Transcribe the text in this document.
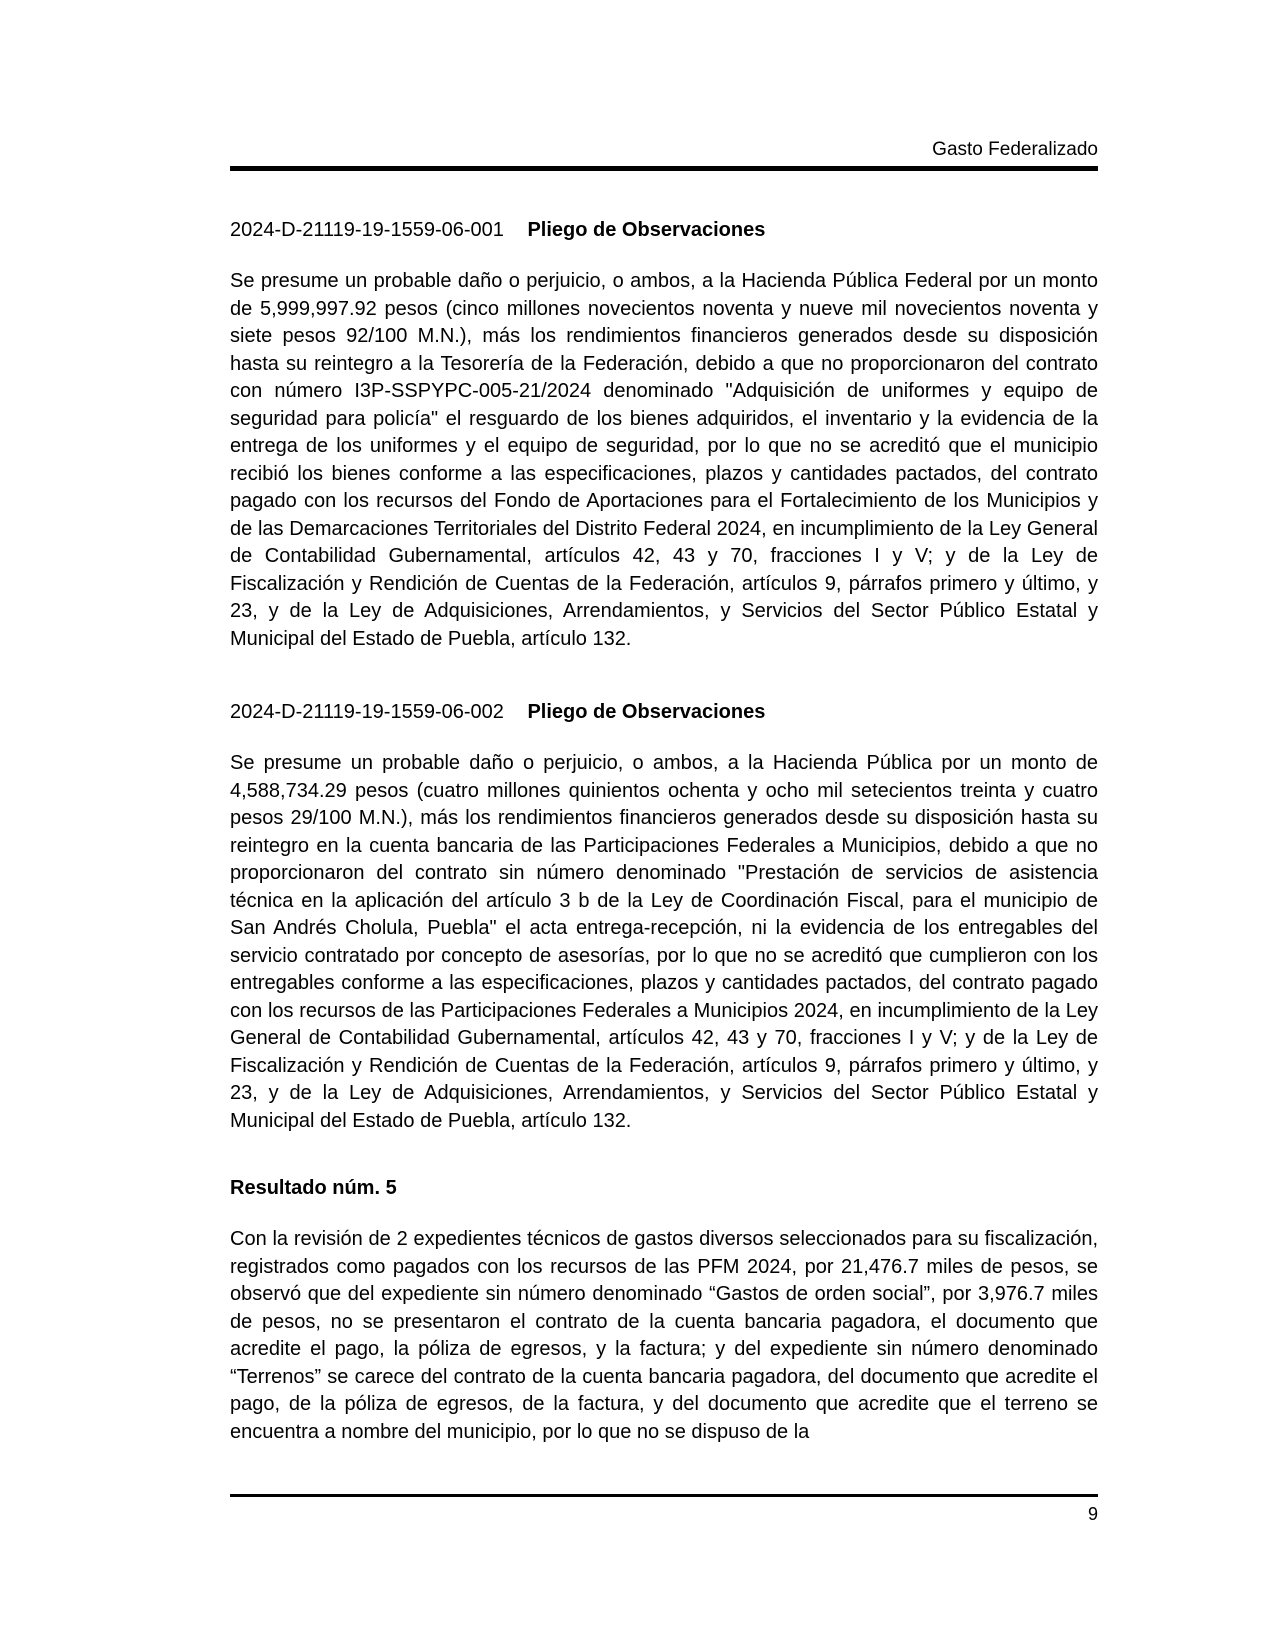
Gasto Federalizado
2024-D-21119-19-1559-06-001 Pliego de Observaciones

Se presume un probable daño o perjuicio, o ambos, a la Hacienda Pública Federal por un monto de 5,999,997.92 pesos (cinco millones novecientos noventa y nueve mil novecientos noventa y siete pesos 92/100 M.N.), más los rendimientos financieros generados desde su disposición hasta su reintegro a la Tesorería de la Federación, debido a que no proporcionaron del contrato con número I3P-SSPYPC-005-21/2024 denominado "Adquisición de uniformes y equipo de seguridad para policía" el resguardo de los bienes adquiridos, el inventario y la evidencia de la entrega de los uniformes y el equipo de seguridad, por lo que no se acreditó que el municipio recibió los bienes conforme a las especificaciones, plazos y cantidades pactados, del contrato pagado con los recursos del Fondo de Aportaciones para el Fortalecimiento de los Municipios y de las Demarcaciones Territoriales del Distrito Federal 2024, en incumplimiento de la Ley General de Contabilidad Gubernamental, artículos 42, 43 y 70, fracciones I y V; y de la Ley de Fiscalización y Rendición de Cuentas de la Federación, artículos 9, párrafos primero y último, y 23, y de la Ley de Adquisiciones, Arrendamientos, y Servicios del Sector Público Estatal y Municipal del Estado de Puebla, artículo 132.

2024-D-21119-19-1559-06-002 Pliego de Observaciones

Se presume un probable daño o perjuicio, o ambos, a la Hacienda Pública por un monto de 4,588,734.29 pesos (cuatro millones quinientos ochenta y ocho mil setecientos treinta y cuatro pesos 29/100 M.N.), más los rendimientos financieros generados desde su disposición hasta su reintegro en la cuenta bancaria de las Participaciones Federales a Municipios, debido a que no proporcionaron del contrato sin número denominado "Prestación de servicios de asistencia técnica en la aplicación del artículo 3 b de la Ley de Coordinación Fiscal, para el municipio de San Andrés Cholula, Puebla" el acta entrega-recepción, ni la evidencia de los entregables del servicio contratado por concepto de asesorías, por lo que no se acreditó que cumplieron con los entregables conforme a las especificaciones, plazos y cantidades pactados, del contrato pagado con los recursos de las Participaciones Federales a Municipios 2024, en incumplimiento de la Ley General de Contabilidad Gubernamental, artículos 42, 43 y 70, fracciones I y V; y de la Ley de Fiscalización y Rendición de Cuentas de la Federación, artículos 9, párrafos primero y último, y 23, y de la Ley de Adquisiciones, Arrendamientos, y Servicios del Sector Público Estatal y Municipal del Estado de Puebla, artículo 132.

Resultado núm. 5

Con la revisión de 2 expedientes técnicos de gastos diversos seleccionados para su fiscalización, registrados como pagados con los recursos de las PFM 2024, por 21,476.7 miles de pesos, se observó que del expediente sin número denominado “Gastos de orden social”, por 3,976.7 miles de pesos, no se presentaron el contrato de la cuenta bancaria pagadora, el documento que acredite el pago, la póliza de egresos, y la factura; y del expediente sin número denominado “Terrenos” se carece del contrato de la cuenta bancaria pagadora, del documento que acredite el pago, de la póliza de egresos, de la factura, y del documento que acredite que el terreno se encuentra a nombre del municipio, por lo que no se dispuso de la

9
